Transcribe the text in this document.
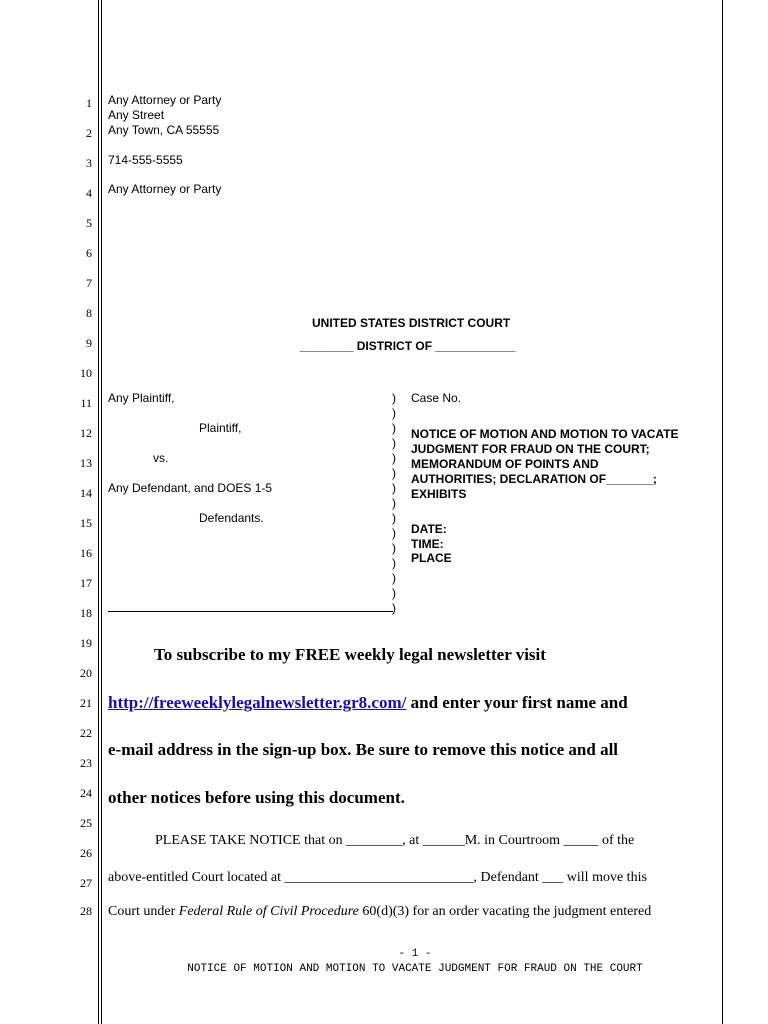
1
2
3
4
5
6
7
8
9
10
11
12
13
14
15
16
17
18
19
20
21
22
23
24
25
26
27
28
Any Attorney or Party
Any Street
Any Town, CA 55555
714-555-5555
Any Attorney or Party
UNITED STATES DISTRICT COURT
________ DISTRICT OF ____________
Any Plaintiff,
Plaintiff,
vs.
Any Defendant, and DOES 1-5
Defendants.
)
)
)
)
)
)
)
)
)
)
)
)
)
)
)
Case No.
NOTICE OF MOTION AND MOTION TO VACATE
JUDGMENT FOR FRAUD ON THE COURT;
MEMORANDUM OF POINTS AND
AUTHORITIES; DECLARATION OF_______;
EXHIBITS
DATE:
TIME:
PLACE
To subscribe to my FREE weekly legal newsletter visit
http://freeweeklylegalnewsletter.gr8.com/ and enter your first name and
e-mail address in the sign-up box. Be sure to remove this notice and all
other notices before using this document.
PLEASE TAKE NOTICE that on ________, at ______M. in Courtroom _____ of the
above-entitled Court located at ___________________________, Defendant ___ will move this
Court under Federal Rule of Civil Procedure 60(d)(3) for an order vacating the judgment entered
- 1 -
NOTICE OF MOTION AND MOTION TO VACATE JUDGMENT FOR FRAUD ON THE COURT
